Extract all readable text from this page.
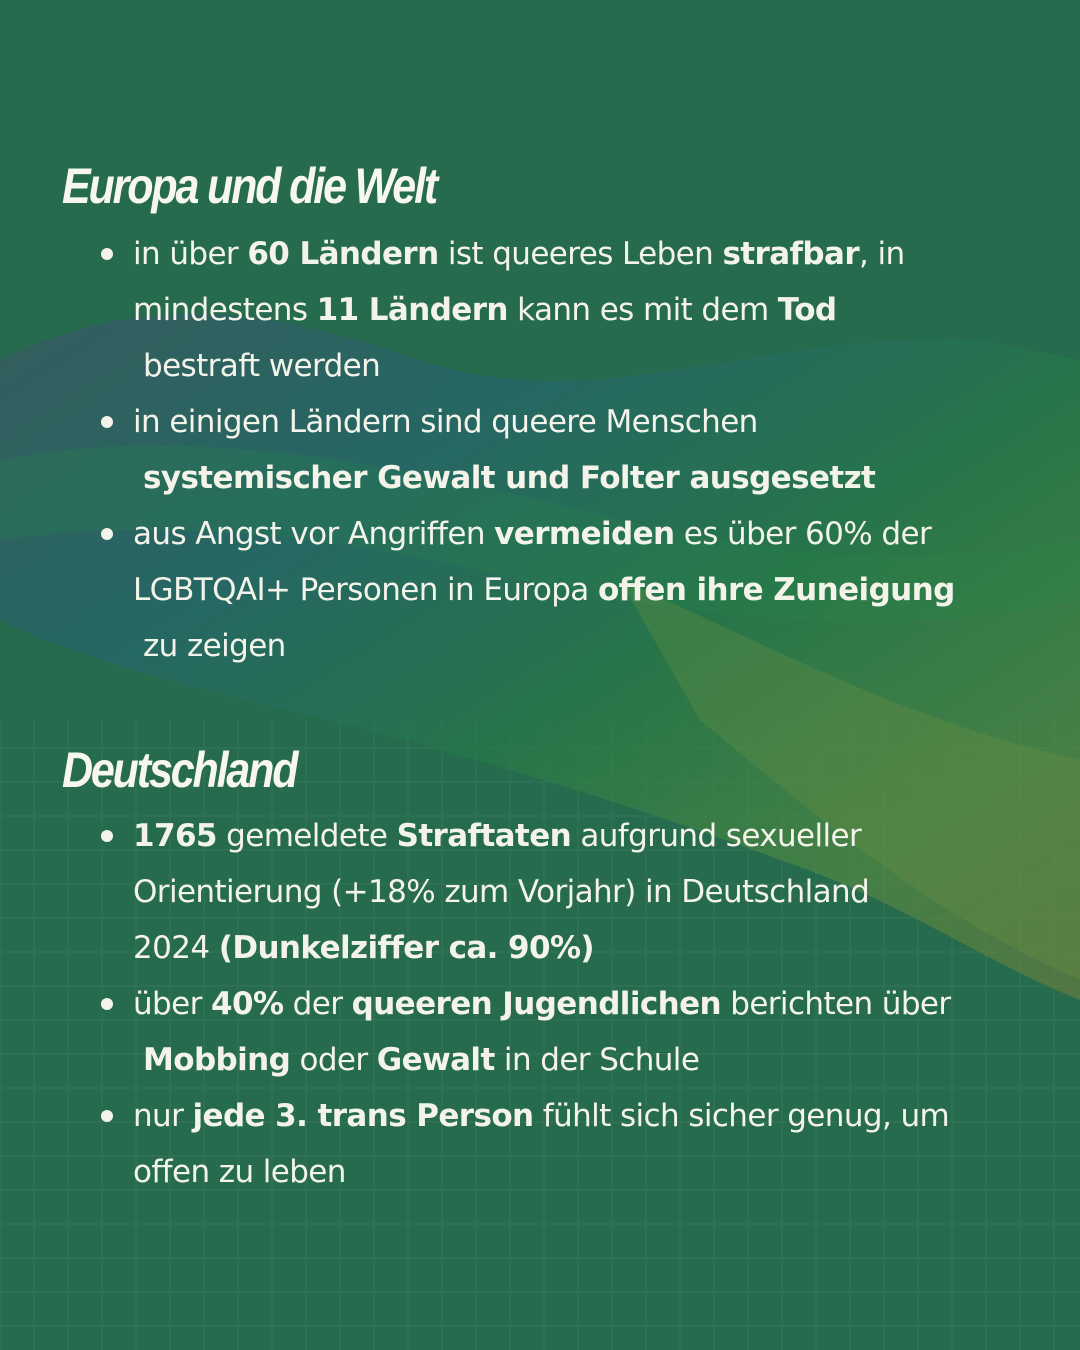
Europa und die Welt
in über 60 Ländern ist queeres Leben strafbar, in
mindestens 11 Ländern kann es mit dem Tod
bestraft werden
in einigen Ländern sind queere Menschen
systemischer Gewalt und Folter ausgesetzt
aus Angst vor Angriffen vermeiden es über 60% der
LGBTQAI+ Personen in Europa offen ihre Zuneigung
zu zeigen
Deutschland
1765 gemeldete Straftaten aufgrund sexueller
Orientierung (+18% zum Vorjahr) in Deutschland
2024 (Dunkelziffer ca. 90%)
über 40% der queeren Jugendlichen berichten über
Mobbing oder Gewalt in der Schule
nur jede 3. trans Person fühlt sich sicher genug, um
offen zu leben
